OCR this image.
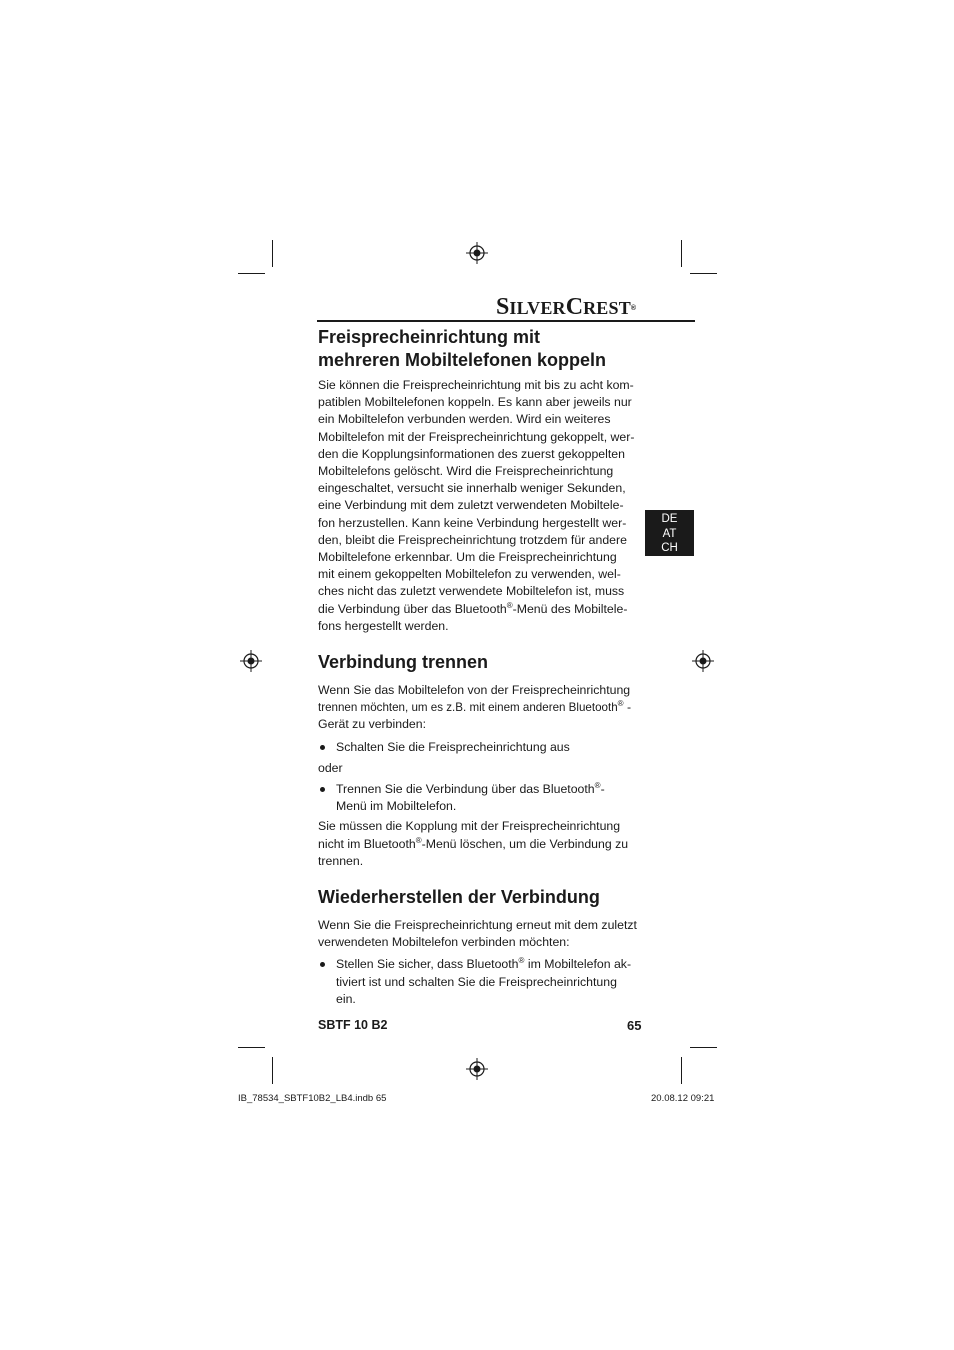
SILVERCREST®
DE
AT
CH
Freisprecheinrichtung mit
mehreren Mobiltelefonen koppeln

Sie können die Freisprecheinrichtung mit bis zu acht kom-
patiblen Mobiltelefonen koppeln. Es kann aber jeweils nur
ein Mobiltelefon verbunden werden. Wird ein weiteres
Mobiltelefon mit der Freisprecheinrichtung gekoppelt, wer-
den die Kopplungsinformationen des zuerst gekoppelten
Mobiltelefons gelöscht. Wird die Freisprecheinrichtung
eingeschaltet, versucht sie innerhalb weniger Sekunden,
eine Verbindung mit dem zuletzt verwendeten Mobiltele-
fon herzustellen. Kann keine Verbindung hergestellt wer-
den, bleibt die Freisprecheinrichtung trotzdem für andere
Mobiltelefone erkennbar. Um die Freisprecheinrichtung
mit einem gekoppelten Mobiltelefon zu verwenden, wel-
ches nicht das zuletzt verwendete Mobiltelefon ist, muss
die Verbindung über das Bluetooth®-Menü des Mobiltele-
fons hergestellt werden.

Verbindung trennen

Wenn Sie das Mobiltelefon von der Freisprecheinrichtung
trennen möchten, um es z.B. mit einem anderen Bluetooth® -
Gerät zu verbinden:

Schalten Sie die Freisprecheinrichtung aus

oder

Trennen Sie die Verbindung über das Bluetooth®-
Menü im Mobiltelefon.

Sie müssen die Kopplung mit der Freisprecheinrichtung
nicht im Bluetooth®-Menü löschen, um die Verbindung zu
trennen.

Wiederherstellen der Verbindung

Wenn Sie die Freisprecheinrichtung erneut mit dem zuletzt
verwendeten Mobiltelefon verbinden möchten:

Stellen Sie sicher, dass Bluetooth® im Mobiltelefon ak-
tiviert ist und schalten Sie die Freisprecheinrichtung ein.

SBTF 10 B2	65
IB_78534_SBTF10B2_LB4.indb 65	20.08.12 09:21
